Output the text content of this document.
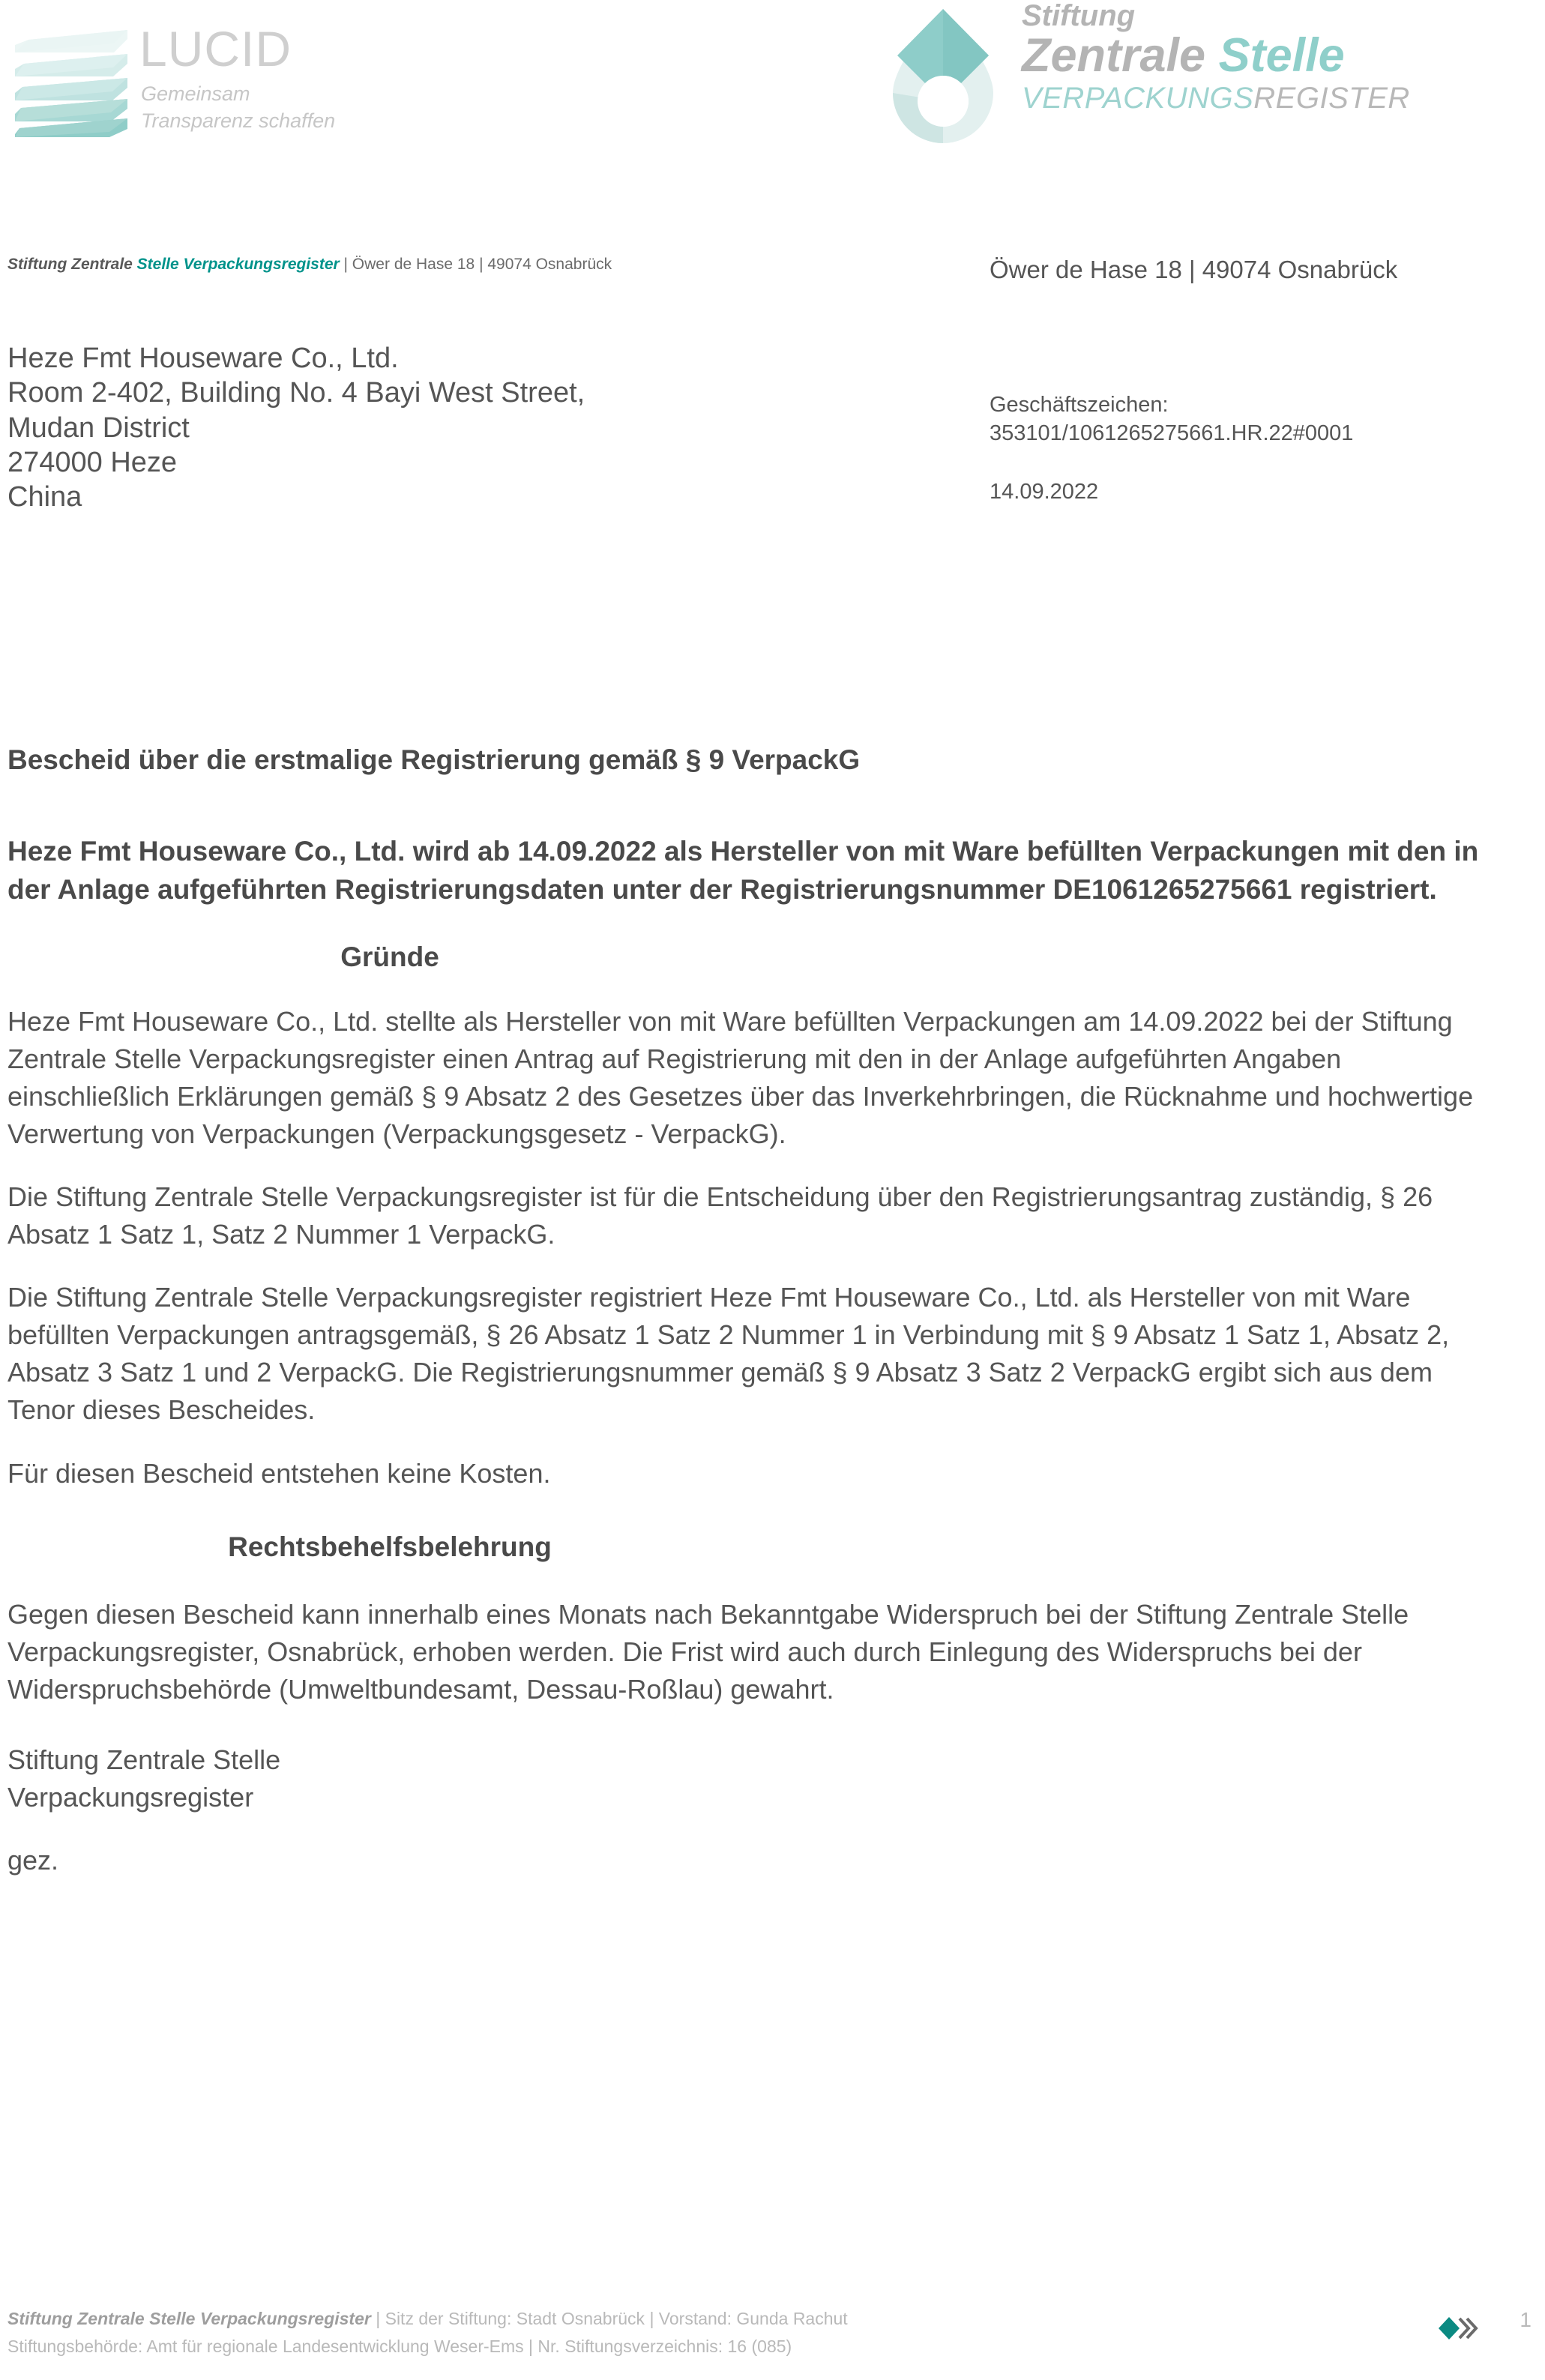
LUCID
Gemeinsam
Transparenz schaffen
Stiftung
Zentrale Stelle
VERPACKUNGSREGISTER
Stiftung Zentrale Stelle Verpackungsregister | Öwer de Hase 18 | 49074 Osnabrück
Heze Fmt Houseware Co., Ltd.
Room 2-402, Building No. 4 Bayi West Street,
Mudan District
274000 Heze
China
Öwer de Hase 18 | 49074 Osnabrück
Geschäftszeichen:
353101/1061265275661.HR.22#0001
14.09.2022
Bescheid über die erstmalige Registrierung gemäß § 9 VerpackG
Heze Fmt Houseware Co., Ltd. wird ab 14.09.2022 als Hersteller von mit Ware befüllten Verpackungen mit den in der Anlage aufgeführten Registrierungsdaten unter der Registrierungsnummer DE1061265275661 registriert.
Gründe
Heze Fmt Houseware Co., Ltd. stellte als Hersteller von mit Ware befüllten Verpackungen am 14.09.2022 bei der Stiftung Zentrale Stelle Verpackungsregister einen Antrag auf Registrierung mit den in der Anlage aufgeführten Angaben einschließlich Erklärungen gemäß § 9 Absatz 2 des Gesetzes über das Inverkehrbringen, die Rücknahme und hochwertige Verwertung von Verpackungen (Verpackungsgesetz - VerpackG).
Die Stiftung Zentrale Stelle Verpackungsregister ist für die Entscheidung über den Registrierungsantrag zuständig, § 26 Absatz 1 Satz 1, Satz 2 Nummer 1 VerpackG.
Die Stiftung Zentrale Stelle Verpackungsregister registriert Heze Fmt Houseware Co., Ltd. als Hersteller von mit Ware befüllten Verpackungen antragsgemäß, § 26 Absatz 1 Satz 2 Nummer 1 in Verbindung mit § 9 Absatz 1 Satz 1, Absatz 2, Absatz 3 Satz 1 und 2 VerpackG. Die Registrierungsnummer gemäß § 9 Absatz 3 Satz 2 VerpackG ergibt sich aus dem Tenor dieses Bescheides.
Für diesen Bescheid entstehen keine Kosten.
Rechtsbehelfsbelehrung
Gegen diesen Bescheid kann innerhalb eines Monats nach Bekanntgabe Widerspruch bei der Stiftung Zentrale Stelle Verpackungsregister, Osnabrück, erhoben werden. Die Frist wird auch durch Einlegung des Widerspruchs bei der Widerspruchsbehörde (Umweltbundesamt, Dessau-Roßlau) gewahrt.
Stiftung Zentrale Stelle
Verpackungsregister
gez.
Stiftung Zentrale Stelle Verpackungsregister | Sitz der Stiftung: Stadt Osnabrück | Vorstand: Gunda Rachut
Stiftungsbehörde: Amt für regionale Landesentwicklung Weser-Ems | Nr. Stiftungsverzeichnis: 16 (085)
1
